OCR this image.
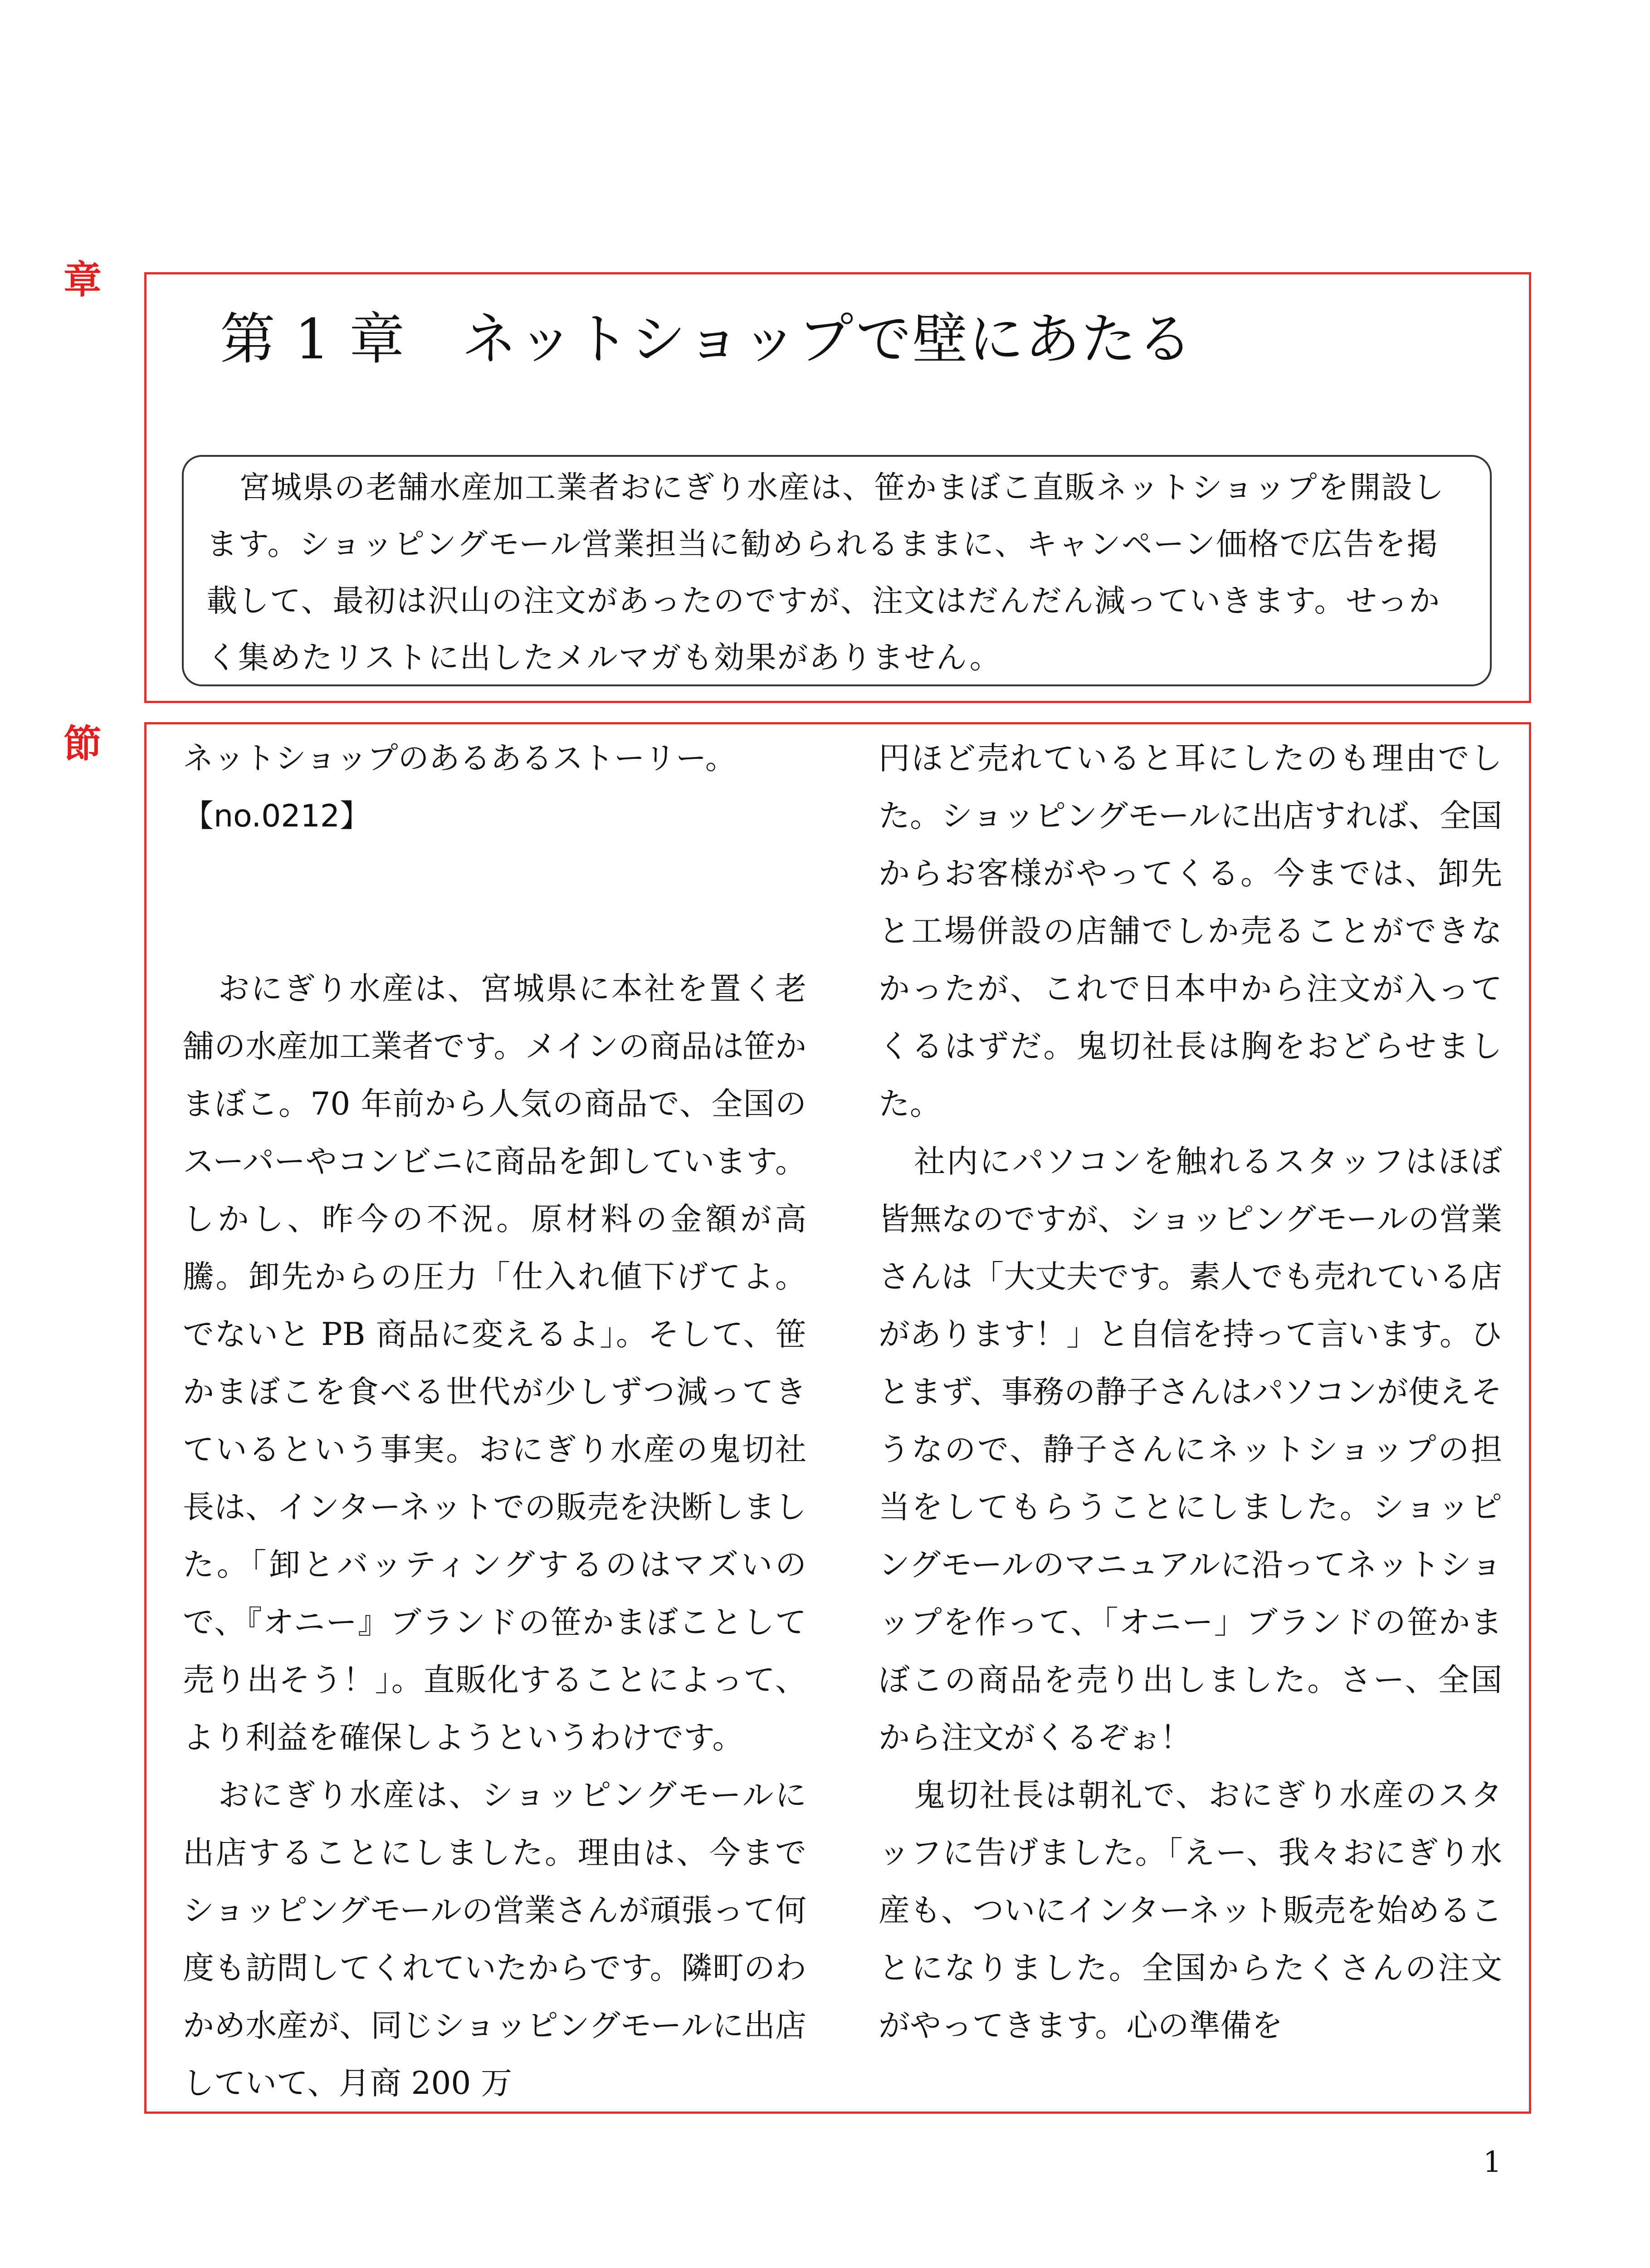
章
節
第 1 章　ネットショップで壁にあたる

宮城県の老舗水産加工業者おにぎり水産は、笹かまぼこ直販ネットショップを開設します。ショッピングモール営業担当に勧められるままに、キャンペーン価格で広告を掲載して、最初は沢山の注文があったのですが、注文はだんだん減っていきます。せっかく集めたリストに出したメルマガも効果がありません。

ネットショップのあるあるストーリー。
【no.0212】

おにぎり水産は、宮城県に本社を置く老舗の水産加工業者です。メインの商品は笹かまぼこ。70 年前から人気の商品で、全国のスーパーやコンビニに商品を卸しています。しかし、昨今の不況。原材料の金額が高騰。卸先からの圧力「仕入れ値下げてよ。でないと PB 商品に変えるよ」。そして、笹かまぼこを食べる世代が少しずつ減ってきているという事実。おにぎり水産の鬼切社長は、インターネットでの販売を決断しました。「卸とバッティングするのはマズいので、『オニー』ブランドの笹かまぼことして売り出そう！」。直販化することによって、より利益を確保しようというわけです。

おにぎり水産は、ショッピングモールに出店することにしました。理由は、今までショッピングモールの営業さんが頑張って何度も訪問してくれていたからです。隣町のわかめ水産が、同じショッピングモールに出店していて、月商 200 万

円ほど売れていると耳にしたのも理由でした。ショッピングモールに出店すれば、全国からお客様がやってくる。今までは、卸先と工場併設の店舗でしか売ることができなかったが、これで日本中から注文が入ってくるはずだ。鬼切社長は胸をおどらせました。

社内にパソコンを触れるスタッフはほぼ皆無なのですが、ショッピングモールの営業さんは「大丈夫です。素人でも売れている店があります！」と自信を持って言います。ひとまず、事務の静子さんはパソコンが使えそうなので、静子さんにネットショップの担当をしてもらうことにしました。ショッピングモールのマニュアルに沿ってネットショップを作って、「オニー」ブランドの笹かまぼこの商品を売り出しました。さー、全国から注文がくるぞぉ！

鬼切社長は朝礼で、おにぎり水産のスタッフに告げました。「えー、我々おにぎり水産も、ついにインターネット販売を始めることになりました。全国からたくさんの注文がやってきます。心の準備を

1
